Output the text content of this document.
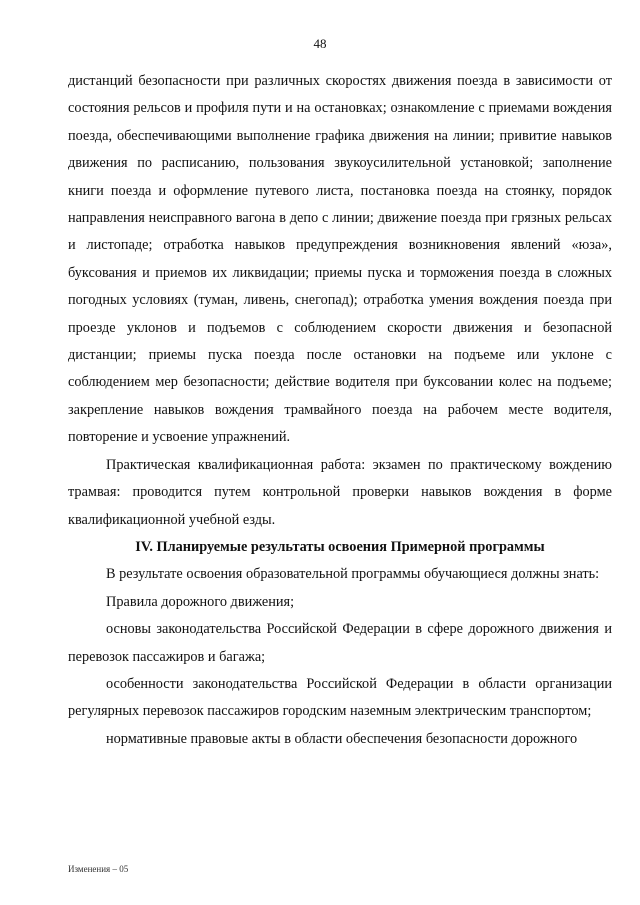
48

дистанций безопасности при различных скоростях движения поезда в зависимости от состояния рельсов и профиля пути и на остановках; ознакомление с приемами вождения поезда, обеспечивающими выполнение графика движения на линии; привитие навыков движения по расписанию, пользования звукоусилительной установкой; заполнение книги поезда и оформление путевого листа, постановка поезда на стоянку, порядок направления неисправного вагона в депо с линии; движение поезда при грязных рельсах и листопаде; отработка навыков предупреждения возникновения явлений «юза», буксования и приемов их ликвидации; приемы пуска и торможения поезда в сложных погодных условиях (туман, ливень, снегопад); отработка умения вождения поезда при проезде уклонов и подъемов с соблюдением скорости движения и безопасной дистанции; приемы пуска поезда после остановки на подъеме или уклоне с соблюдением мер безопасности; действие водителя при буксовании колес на подъеме; закрепление навыков вождения трамвайного поезда на рабочем месте водителя, повторение и усвоение упражнений.

Практическая квалификационная работа: экзамен по практическому вождению трамвая: проводится путем контрольной проверки навыков вождения в форме квалификационной учебной езды.

IV. Планируемые результаты освоения Примерной программы

В результате освоения образовательной программы обучающиеся должны знать:

Правила дорожного движения;

основы законодательства Российской Федерации в сфере дорожного движения и перевозок пассажиров и багажа;

особенности законодательства Российской Федерации в области организации регулярных перевозок пассажиров городским наземным электрическим транспортом;

нормативные правовые акты в области обеспечения безопасности дорожного

Изменения – 05
